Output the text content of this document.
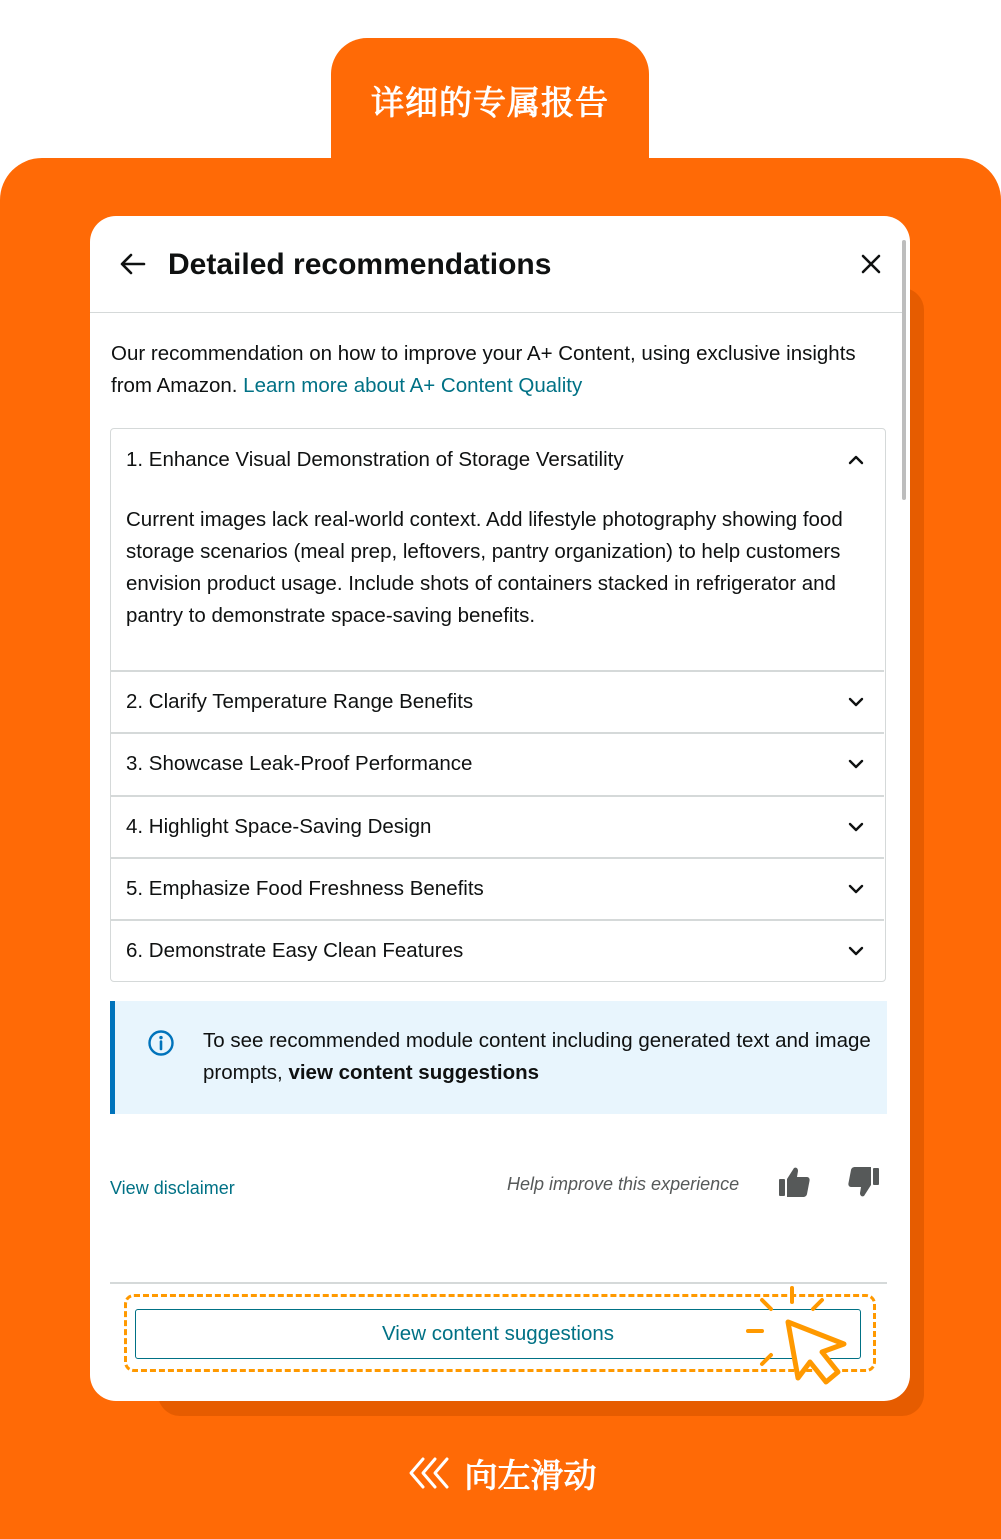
详细的专属报告
Detailed recommendations
Our recommendation on how to improve your A+ Content, using exclusive insights from Amazon. Learn more about A+ Content Quality
1. Enhance Visual Demonstration of Storage Versatility
Current images lack real-world context. Add lifestyle photography showing food storage scenarios (meal prep, leftovers, pantry organization) to help customers envision product usage. Include shots of containers stacked in refrigerator and pantry to demonstrate space-saving benefits.
2. Clarify Temperature Range Benefits
3. Showcase Leak-Proof Performance
4. Highlight Space-Saving Design
5. Emphasize Food Freshness Benefits
6. Demonstrate Easy Clean Features
To see recommended module content including generated text and image prompts, view content suggestions
View disclaimer	Help improve this experience
View content suggestions
向左滑动
